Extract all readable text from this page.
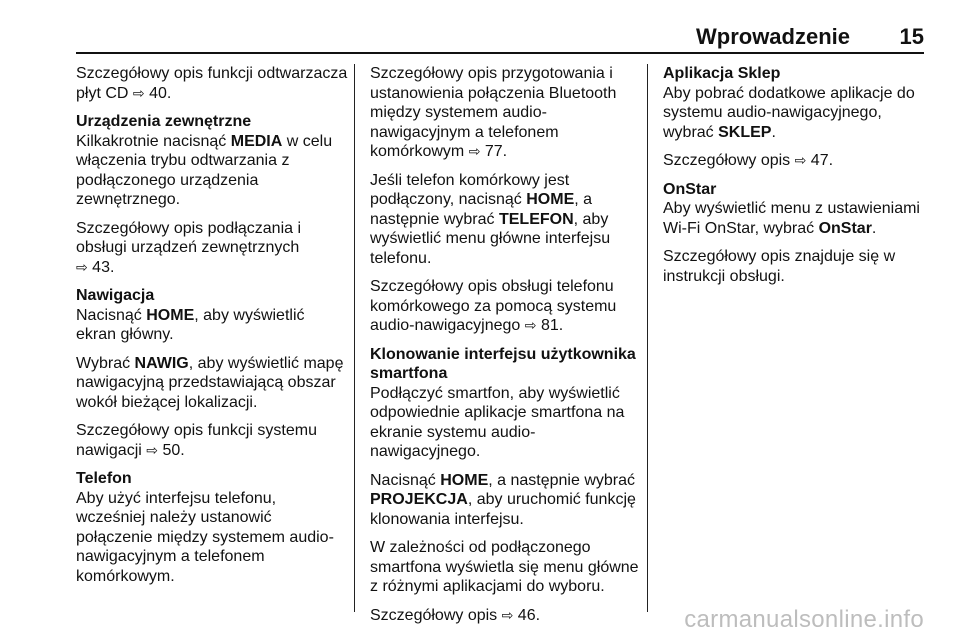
Wprowadzenie 15

Szczegółowy opis funkcji odtwarzacza płyt CD ⇨ 40.

Urządzenia zewnętrzne

Kilkakrotnie nacisnąć MEDIA w celu włączenia trybu odtwarzania z podłączonego urządzenia zewnętrznego.

Szczegółowy opis podłączania i obsługi urządzeń zewnętrznych
⇨ 43.

Nawigacja

Nacisnąć HOME, aby wyświetlić ekran główny.

Wybrać NAWIG, aby wyświetlić mapę nawigacyjną przedstawiającą obszar wokół bieżącej lokalizacji.

Szczegółowy opis funkcji systemu nawigacji ⇨ 50.

Telefon

Aby użyć interfejsu telefonu, wcześniej należy ustanowić połączenie między systemem audio-nawigacyjnym a telefonem komórkowym.

Szczegółowy opis przygotowania i ustanowienia połączenia Bluetooth między systemem audio-nawigacyjnym a telefonem komórkowym ⇨ 77.

Jeśli telefon komórkowy jest podłączony, nacisnąć HOME, a następnie wybrać TELEFON, aby wyświetlić menu główne interfejsu telefonu.

Szczegółowy opis obsługi telefonu komórkowego za pomocą systemu audio-nawigacyjnego ⇨ 81.

Klonowanie interfejsu użytkownika smartfona

Podłączyć smartfon, aby wyświetlić odpowiednie aplikacje smartfona na ekranie systemu audio-nawigacyjnego.

Nacisnąć HOME, a następnie wybrać PROJEKCJA, aby uruchomić funkcję klonowania interfejsu.

W zależności od podłączonego smartfona wyświetla się menu główne z różnymi aplikacjami do wyboru.

Szczegółowy opis ⇨ 46.

Aplikacja Sklep

Aby pobrać dodatkowe aplikacje do systemu audio-nawigacyjnego, wybrać SKLEP.

Szczegółowy opis ⇨ 47.

OnStar

Aby wyświetlić menu z ustawieniami Wi-Fi OnStar, wybrać OnStar.

Szczegółowy opis znajduje się w instrukcji obsługi.

carmanualsonline.info
